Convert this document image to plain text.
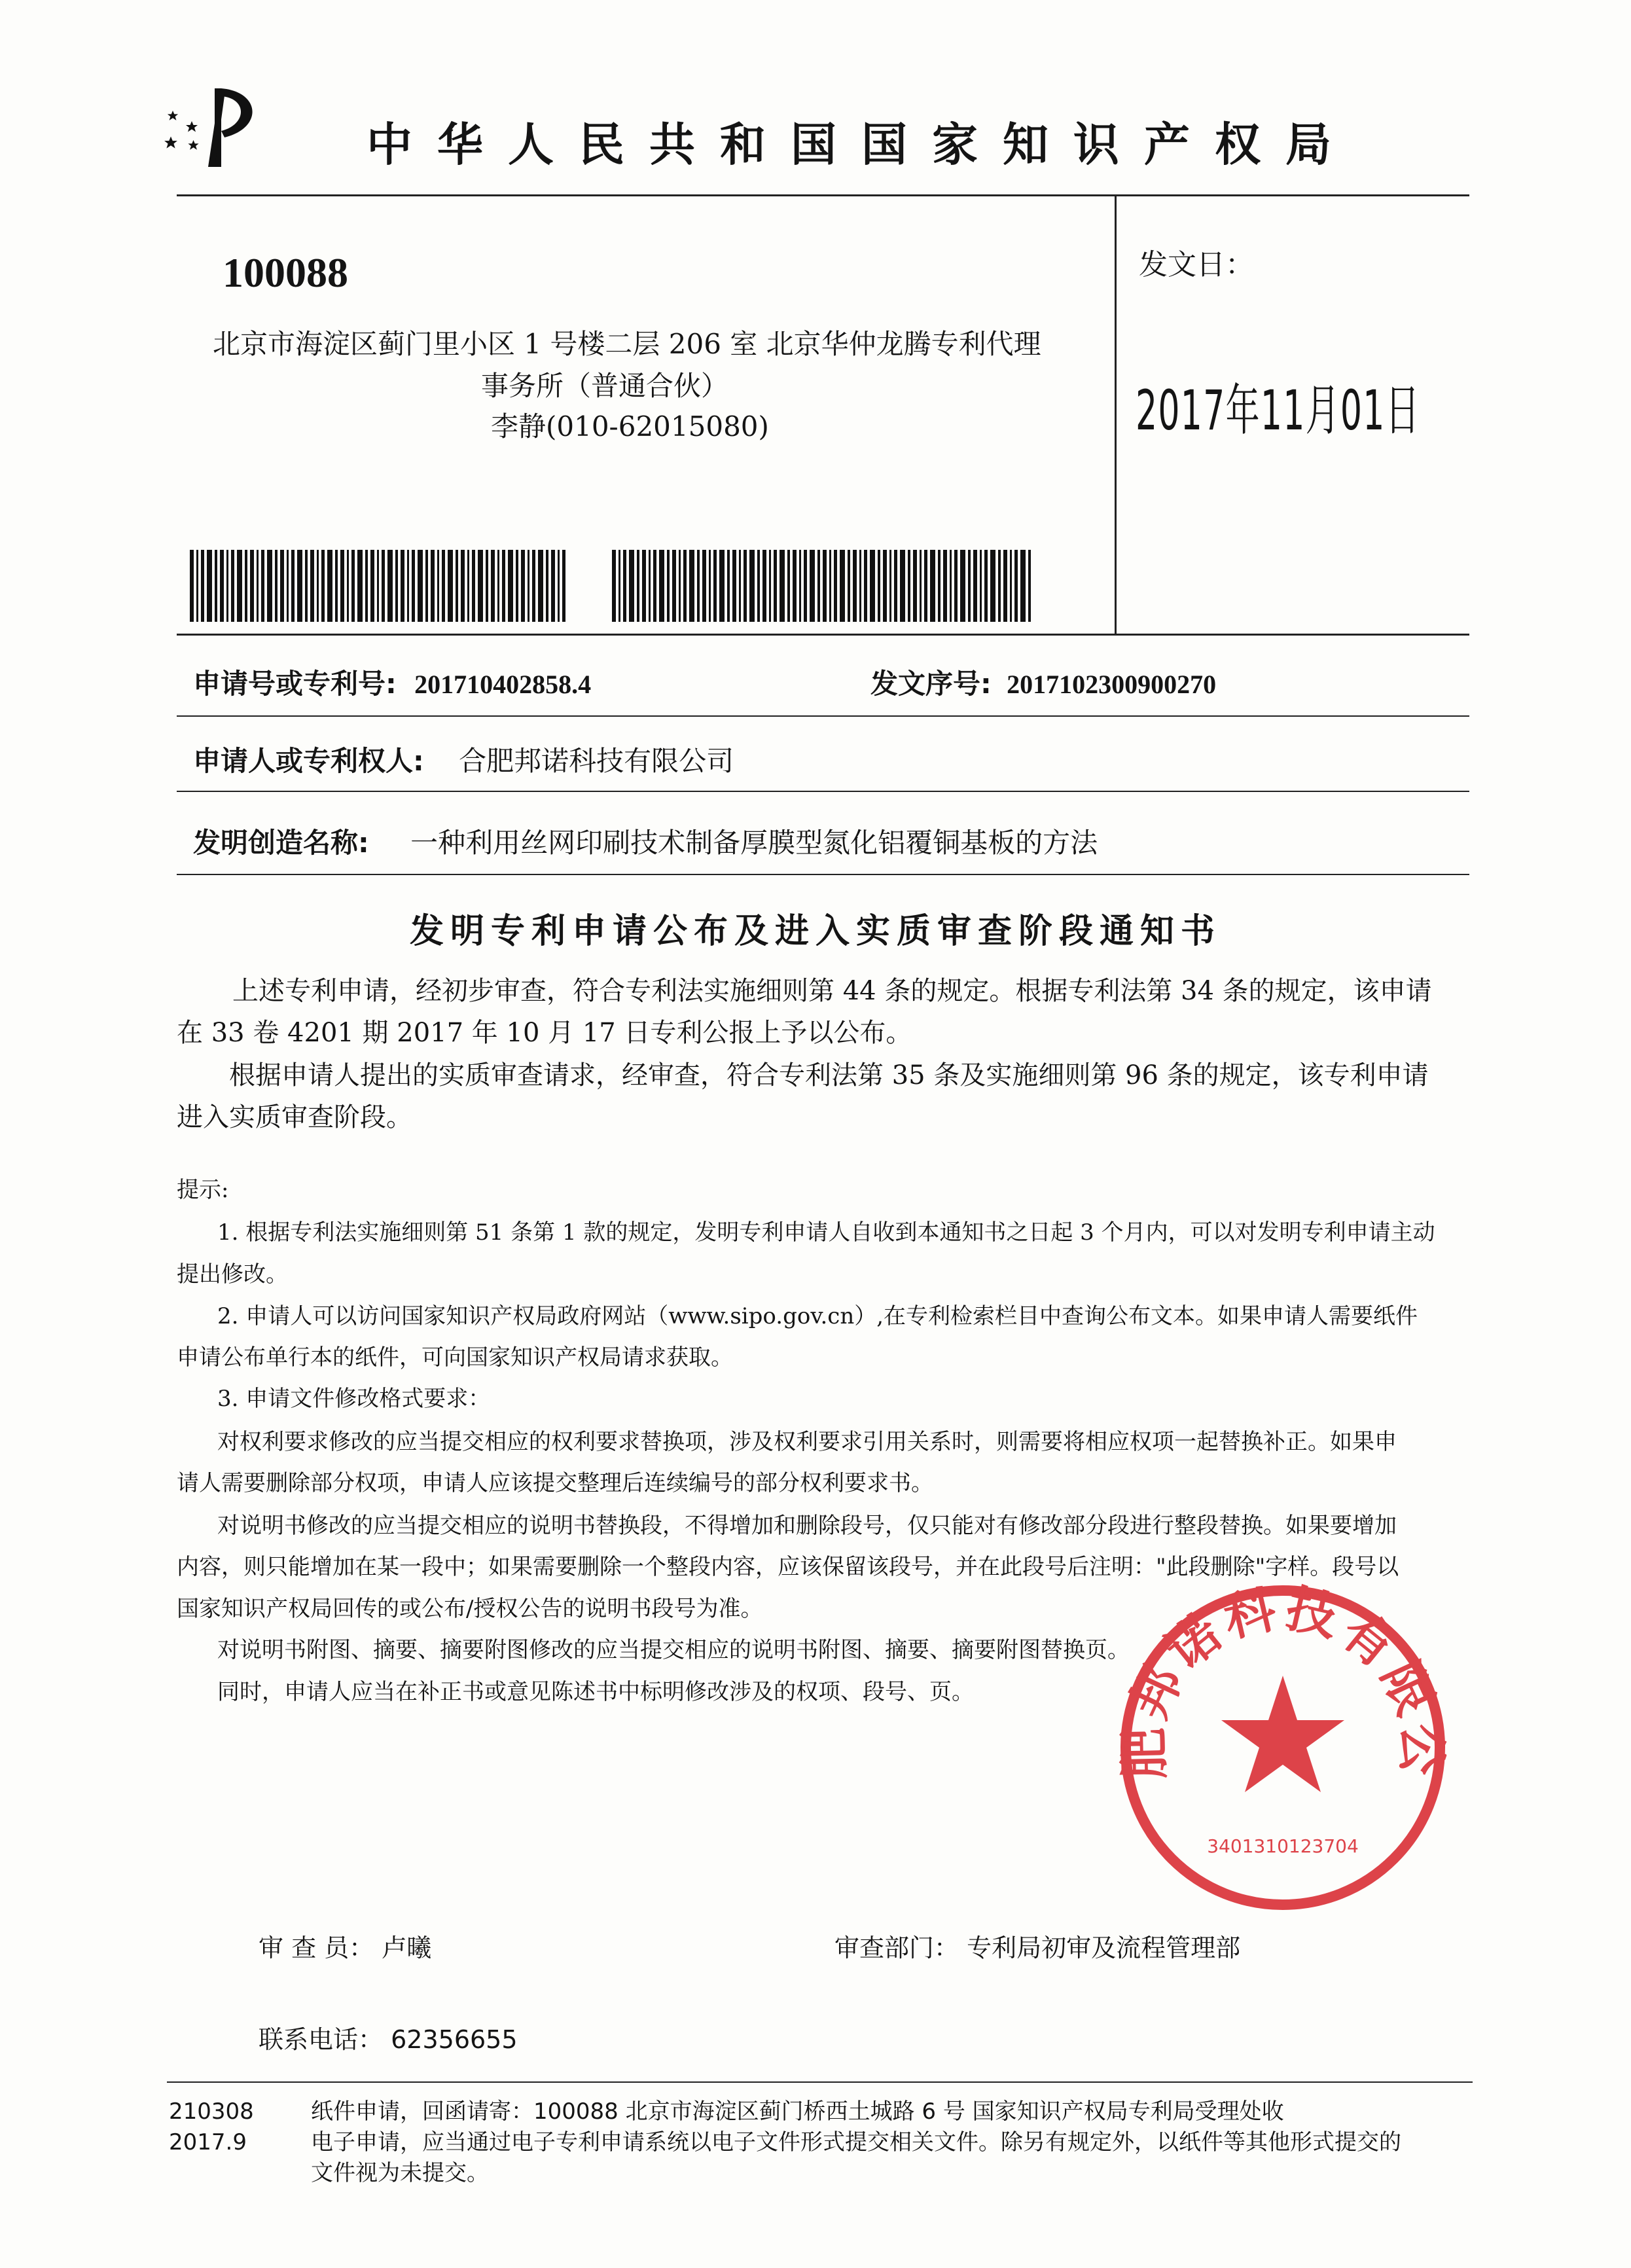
中华人民共和国国家知识产权局
100088
北京市海淀区蓟门里小区 1 号楼二层 206 室 北京华仲龙腾专利代理
事务所（普通合伙）
李静(010-62015080)
发文日：
2017年11月01日
申请号或专利号: 201710402858.4	发文序号: 2017102300900270
申请人或专利权人: 合肥邦诺科技有限公司
发明创造名称: 一种利用丝网印刷技术制备厚膜型氮化铝覆铜基板的方法
发明专利申请公布及进入实质审查阶段通知书
上述专利申请，经初步审查，符合专利法实施细则第 44 条的规定。根据专利法第 34 条的规定，该申请
在 33 卷 4201 期 2017 年 10 月 17 日专利公报上予以公布。
根据申请人提出的实质审查请求，经审查，符合专利法第 35 条及实施细则第 96 条的规定，该专利申请
进入实质审查阶段。
提示:
1. 根据专利法实施细则第 51 条第 1 款的规定，发明专利申请人自收到本通知书之日起 3 个月内，可以对发明专利申请主动
提出修改。
2. 申请人可以访问国家知识产权局政府网站（www.sipo.gov.cn）,在专利检索栏目中查询公布文本。如果申请人需要纸件
申请公布单行本的纸件，可向国家知识产权局请求获取。
3. 申请文件修改格式要求：
对权利要求修改的应当提交相应的权利要求替换项，涉及权利要求引用关系时，则需要将相应权项一起替换补正。如果申
请人需要删除部分权项，申请人应该提交整理后连续编号的部分权利要求书。
对说明书修改的应当提交相应的说明书替换段，不得增加和删除段号，仅只能对有修改部分段进行整段替换。如果要增加
内容，则只能增加在某一段中；如果需要删除一个整段内容，应该保留该段号，并在此段号后注明："此段删除"字样。段号以
国家知识产权局回传的或公布/授权公告的说明书段号为准。
对说明书附图、摘要、摘要附图修改的应当提交相应的说明书附图、摘要、摘要附图替换页。
同时，申请人应当在补正书或意见陈述书中标明修改涉及的权项、段号、页。
肥邦诺科技有限公
3401310123704
审 查 员： 卢曦	审查部门： 专利局初审及流程管理部
联系电话： 62356655
210308
2017.9
纸件申请，回函请寄：100088 北京市海淀区蓟门桥西土城路 6 号 国家知识产权局专利局受理处收
电子申请，应当通过电子专利申请系统以电子文件形式提交相关文件。除另有规定外，以纸件等其他形式提交的
文件视为未提交。
